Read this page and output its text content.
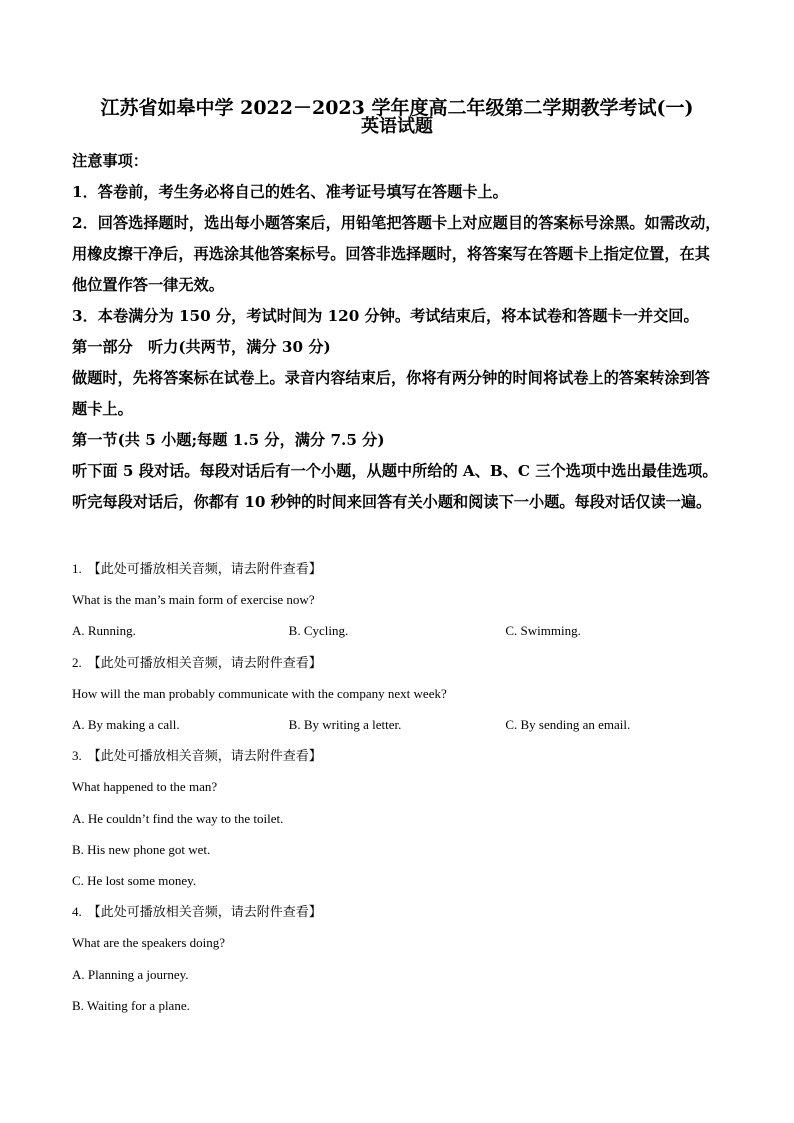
江苏省如皋中学 2022－2023 学年度高二年级第二学期教学考试(一)
英语试题

注意事项：

1．答卷前，考生务必将自己的姓名、准考证号填写在答题卡上。

2．回答选择题时，选出每小题答案后，用铅笔把答题卡上对应题目的答案标号涂黑。如需改动，用橡皮擦干净后，再选涂其他答案标号。回答非选择题时，将答案写在答题卡上指定位置，在其他位置作答一律无效。

3．本卷满分为 150 分，考试时间为 120 分钟。考试结束后，将本试卷和答题卡一并交回。

第一部分　听力(共两节，满分 30 分)

做题时，先将答案标在试卷上。录音内容结束后，你将有两分钟的时间将试卷上的答案转涂到答题卡上。

第一节(共 5 小题;每题 1.5 分，满分 7.5 分)

听下面 5 段对话。每段对话后有一个小题，从题中所给的 A、B、C 三个选项中选出最佳选项。听完每段对话后，你都有 10 秒钟的时间来回答有关小题和阅读下一小题。每段对话仅读一遍。

1. 【此处可播放相关音频，请去附件查看】

What is the man’s main form of exercise now?

A. Running.	B. Cycling.	C. Swimming.

2. 【此处可播放相关音频，请去附件查看】

How will the man probably communicate with the company next week?

A. By making a call.	B. By writing a letter.	C. By sending an email.

3. 【此处可播放相关音频，请去附件查看】

What happened to the man?

A. He couldn’t find the way to the toilet.

B. His new phone got wet.

C. He lost some money.

4. 【此处可播放相关音频，请去附件查看】

What are the speakers doing?

A. Planning a journey.

B. Waiting for a plane.
